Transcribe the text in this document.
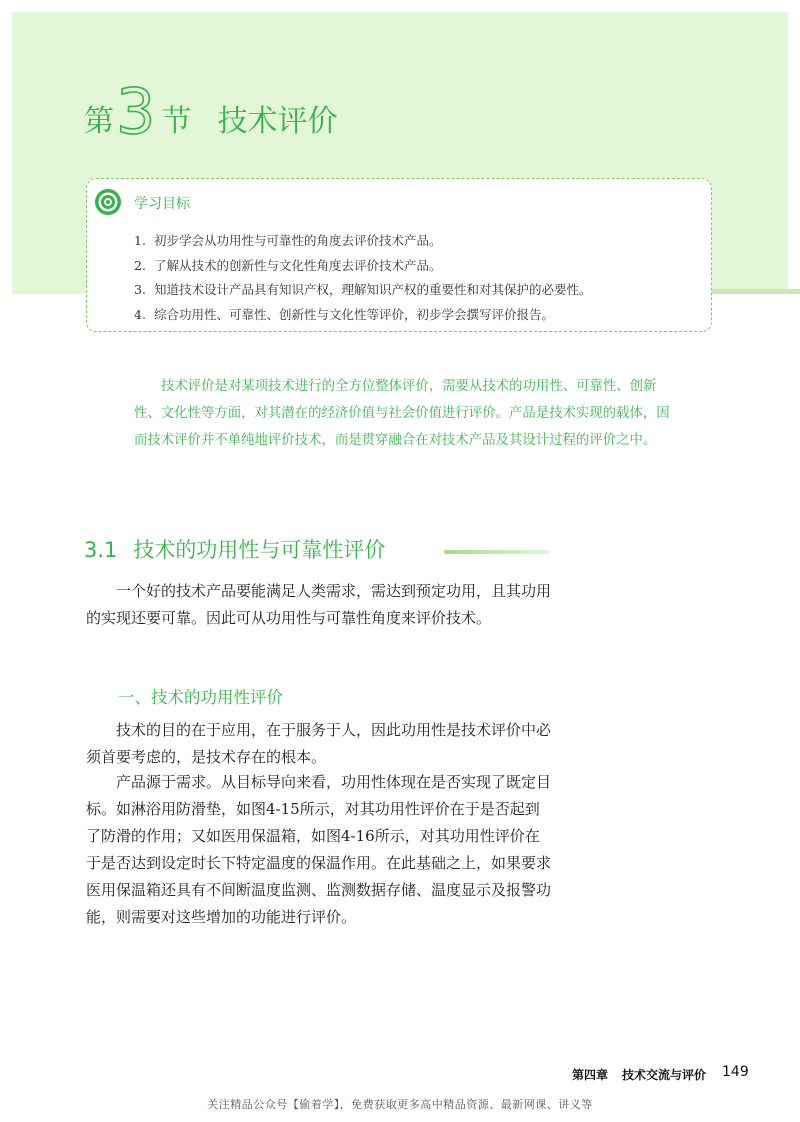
第 3 节 技术评价
学习目标
1. 初步学会从功用性与可靠性的角度去评价技术产品。
2. 了解从技术的创新性与文化性角度去评价技术产品。
3. 知道技术设计产品具有知识产权，理解知识产权的重要性和对其保护的必要性。
4. 综合功用性、可靠性、创新性与文化性等评价，初步学会撰写评价报告。

技术评价是对某项技术进行的全方位整体评价，需要从技术的功用性、可靠性、创新性、文化性等方面，对其潜在的经济价值与社会价值进行评价。产品是技术实现的载体，因而技术评价并不单纯地评价技术，而是贯穿融合在对技术产品及其设计过程的评价之中。

3.1 技术的功用性与可靠性评价

一个好的技术产品要能满足人类需求，需达到预定功用，且其功用的实现还要可靠。因此可从功用性与可靠性角度来评价技术。

一、技术的功用性评价

技术的目的在于应用，在于服务于人，因此功用性是技术评价中必须首要考虑的，是技术存在的根本。

产品源于需求。从目标导向来看，功用性体现在是否实现了既定目标。如淋浴用防滑垫，如图4-15所示，对其功用性评价在于是否起到了防滑的作用；又如医用保温箱，如图4-16所示，对其功用性评价在于是否达到设定时长下特定温度的保温作用。在此基础之上，如果要求医用保温箱还具有不间断温度监测、监测数据存储、温度显示及报警功能，则需要对这些增加的功能进行评价。

第四章 技术交流与评价 149
关注精品公众号【偷着学】，免费获取更多高中精品资源、最新网课、讲义等
